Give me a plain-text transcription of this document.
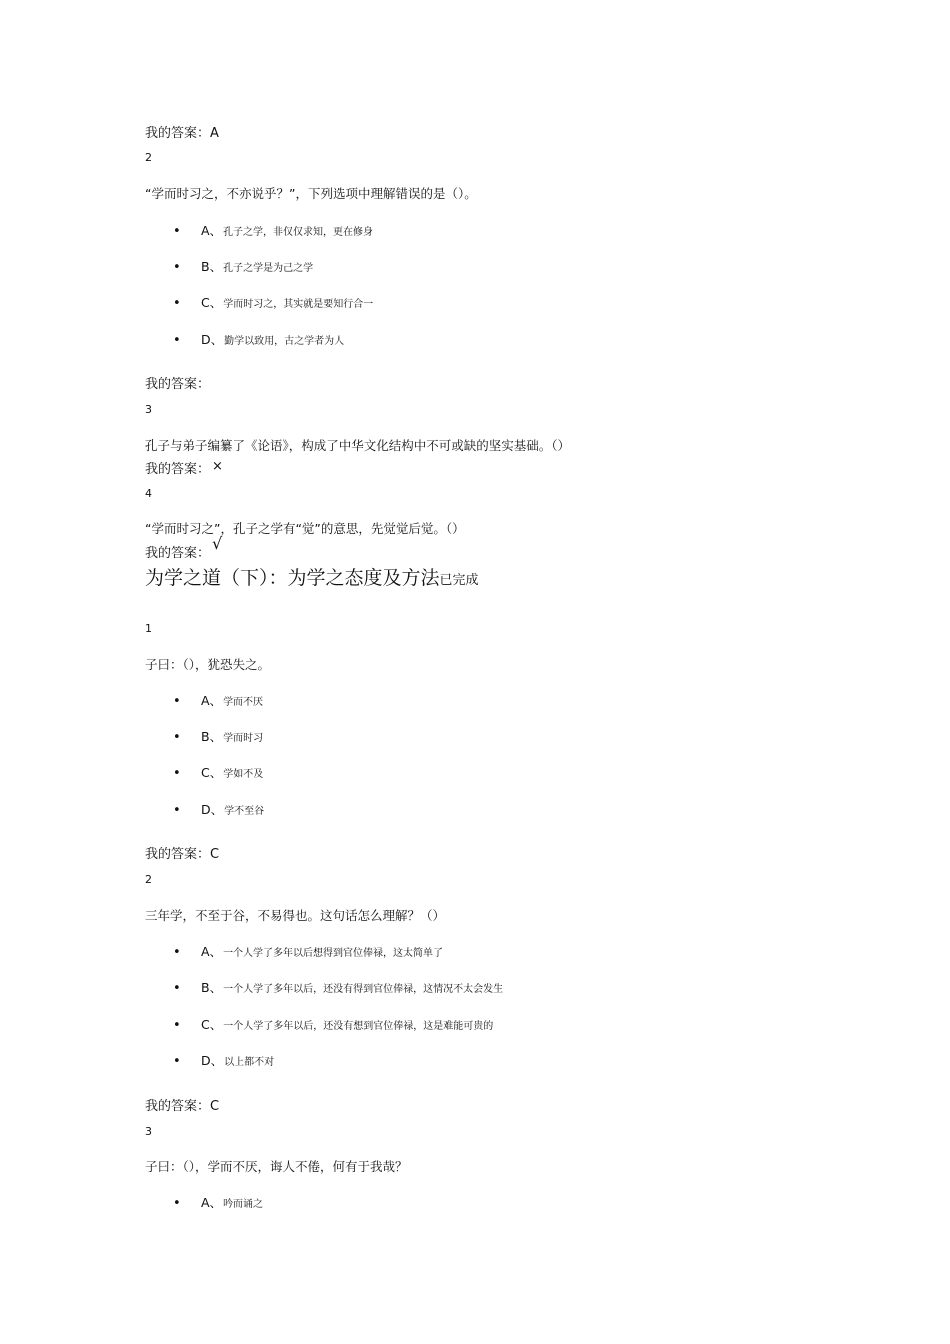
我的答案：A
2
“学而时习之，不亦说乎？”，下列选项中理解错误的是（）。
• A、孔子之学，非仅仅求知，更在修身
• B、孔子之学是为己之学
• C、学而时习之，其实就是要知行合一
• D、勤学以致用，古之学者为人
我的答案：
3
孔子与弟子编纂了《论语》，构成了中华文化结构中不可或缺的坚实基础。（）
我的答案： ×
4
“学而时习之”，孔子之学有“觉”的意思，先觉觉后觉。（）
我的答案：√
为学之道（下）：为学之态度及方法已完成
1
子曰：（），犹恐失之。
• A、学而不厌
• B、学而时习
• C、学如不及
• D、学不至谷
我的答案：C
2
三年学，不至于谷，不易得也。这句话怎么理解？（）
• A、一个人学了多年以后想得到官位俸禄，这太简单了
• B、一个人学了多年以后，还没有得到官位俸禄，这情况不太会发生
• C、一个人学了多年以后，还没有想到官位俸禄，这是难能可贵的
• D、以上都不对
我的答案：C
3
子曰：（），学而不厌，诲人不倦，何有于我哉？
• A、吟而诵之
